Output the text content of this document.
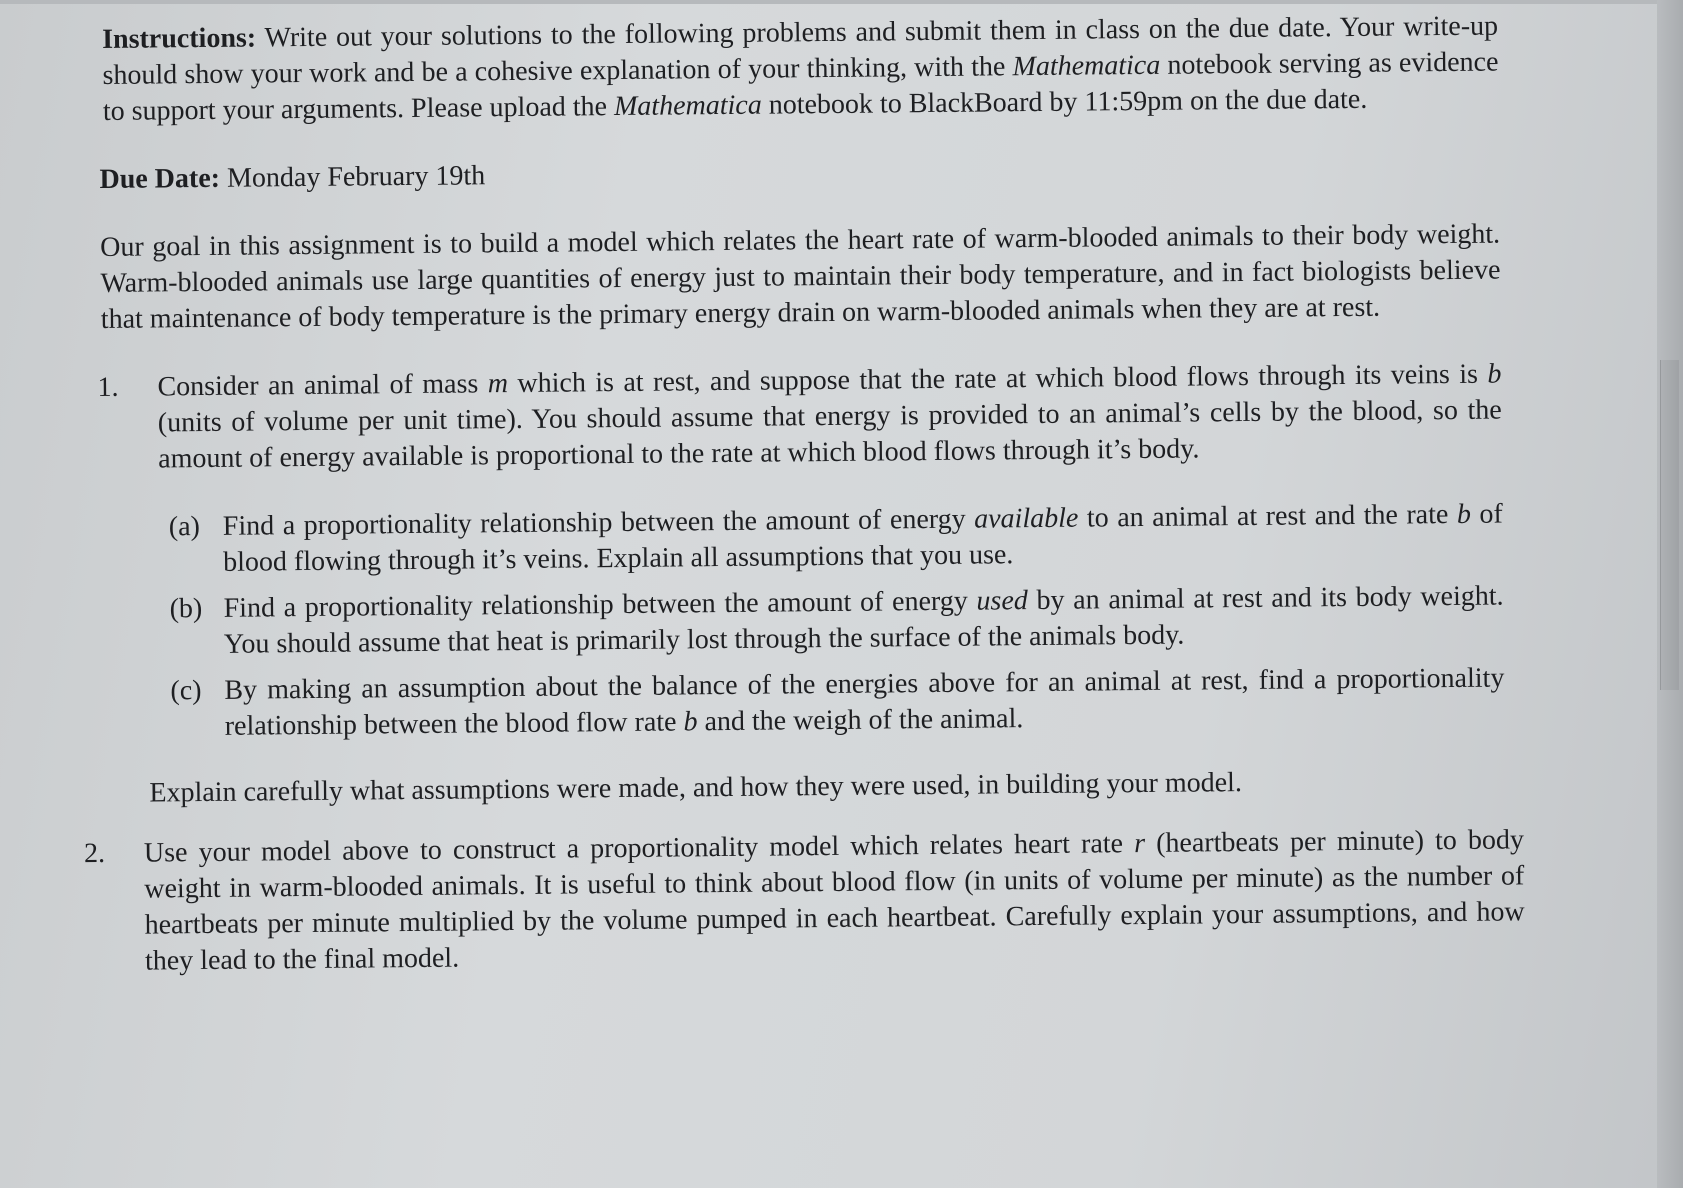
Instructions: Write out your solutions to the following problems and submit them in class on the due date. Your write-up should show your work and be a cohesive explanation of your thinking, with the Mathematica notebook serving as evidence to support your arguments. Please upload the Mathematica notebook to BlackBoard by 11:59pm on the due date.

Due Date: Monday February 19th

Our goal in this assignment is to build a model which relates the heart rate of warm-blooded animals to their body weight. Warm-blooded animals use large quantities of energy just to maintain their body temperature, and in fact biologists believe that maintenance of body temperature is the primary energy drain on warm-blooded animals when they are at rest.

1. Consider an animal of mass m which is at rest, and suppose that the rate at which blood flows through its veins is b (units of volume per unit time). You should assume that energy is provided to an animal’s cells by the blood, so the amount of energy available is proportional to the rate at which blood flows through it’s body.

(a) Find a proportionality relationship between the amount of energy available to an animal at rest and the rate b of blood flowing through it’s veins. Explain all assumptions that you use.

(b) Find a proportionality relationship between the amount of energy used by an animal at rest and its body weight. You should assume that heat is primarily lost through the surface of the animals body.

(c) By making an assumption about the balance of the energies above for an animal at rest, find a proportionality relationship between the blood flow rate b and the weigh of the animal.

Explain carefully what assumptions were made, and how they were used, in building your model.

2. Use your model above to construct a proportionality model which relates heart rate r (heartbeats per minute) to body weight in warm-blooded animals. It is useful to think about blood flow (in units of volume per minute) as the number of heartbeats per minute multiplied by the volume pumped in each heartbeat. Carefully explain your assumptions, and how they lead to the final model.
